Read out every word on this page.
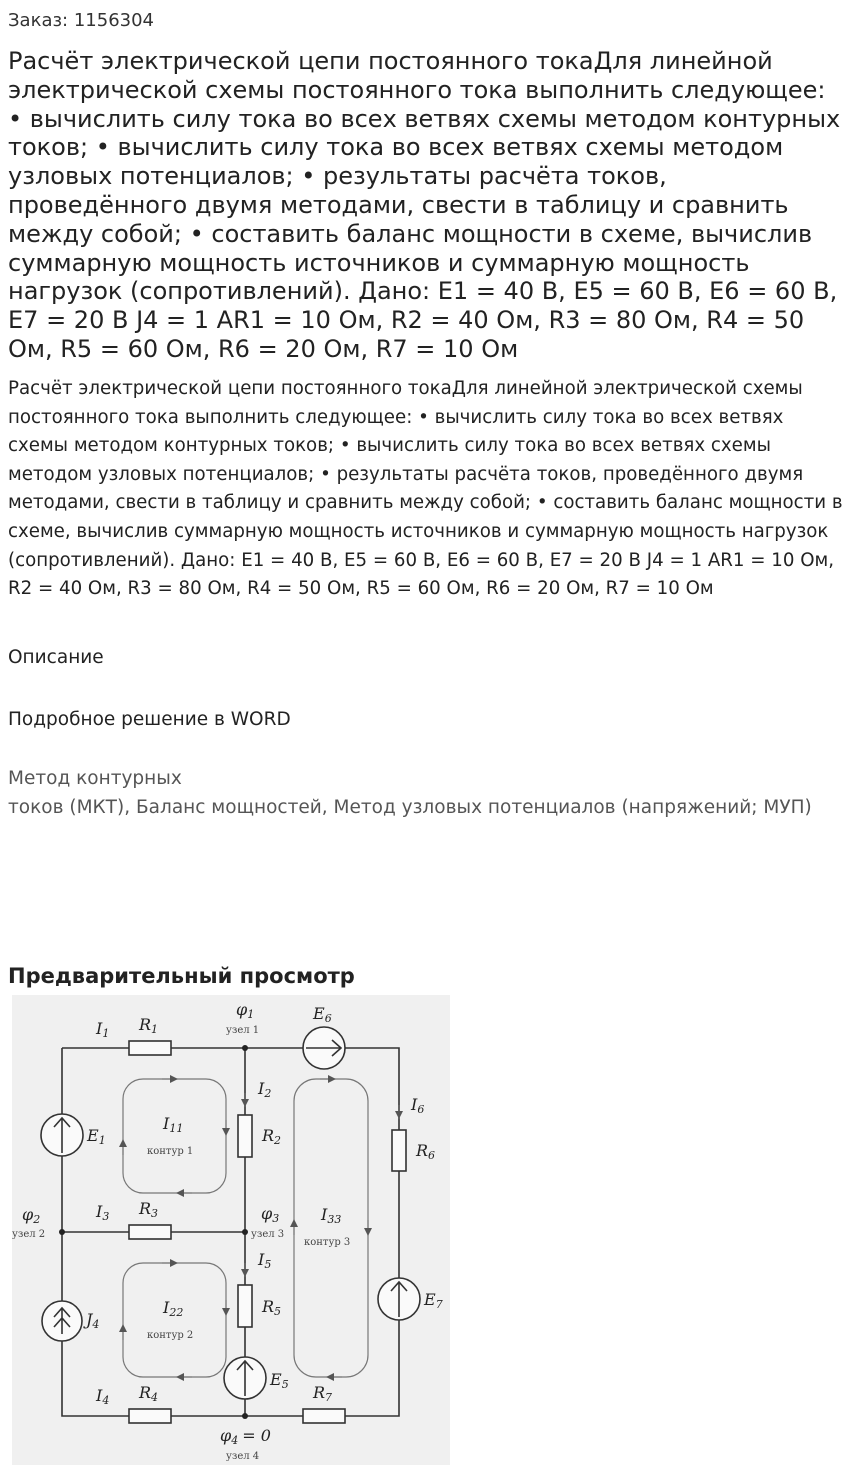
Заказ: 1156304
Расчёт электрической цепи постоянного токаДля линейной электрической схемы постоянного тока выполнить следующее: • вычислить силу тока во всех ветвях схемы методом контурных токов; • вычислить силу тока во всех ветвях схемы методом узловых потенциалов; • результаты расчёта токов, проведённого двумя методами, свести в таблицу и сравнить между собой; • составить баланс мощности в схеме, вычислив суммарную мощность источников и суммарную мощность нагрузок (сопротивлений). Дано: E1 = 40 В, E5 = 60 В, E6 = 60 В, E7 = 20 В J4 = 1 AR1 = 10 Ом, R2 = 40 Ом, R3 = 80 Ом, R4 = 50 Ом, R5 = 60 Ом, R6 = 20 Ом, R7 = 10 Ом
Расчёт электрической цепи постоянного токаДля линейной электрической схемы постоянного тока выполнить следующее: • вычислить силу тока во всех ветвях схемы методом контурных токов; • вычислить силу тока во всех ветвях схемы методом узловых потенциалов; • результаты расчёта токов, проведённого двумя методами, свести в таблицу и сравнить между собой; • составить баланс мощности в схеме, вычислив суммарную мощность источников и суммарную мощность нагрузок (сопротивлений). Дано: E1 = 40 В, E5 = 60 В, E6 = 60 В, E7 = 20 В J4 = 1 AR1 = 10 Ом, R2 = 40 Ом, R3 = 80 Ом, R4 = 50 Ом, R5 = 60 Ом, R6 = 20 Ом, R7 = 10 Ом
Описание
Подробное решение в WORD
Метод контурных
токов (МКТ), Баланс мощностей, Метод узловых потенциалов (напряжений; МУП)
Предварительный просмотр
I1 R1
φ1
узел 1
E6
I2
I6
E1
I11
контур 1
R2
R6
φ2
узел 2
I3 R3	φ3
узел 3
I33
контур 3
I5
J4
I22
контур 2
R5
E7
E5
I4 R4	R7
φ4 = 0
узел 4
